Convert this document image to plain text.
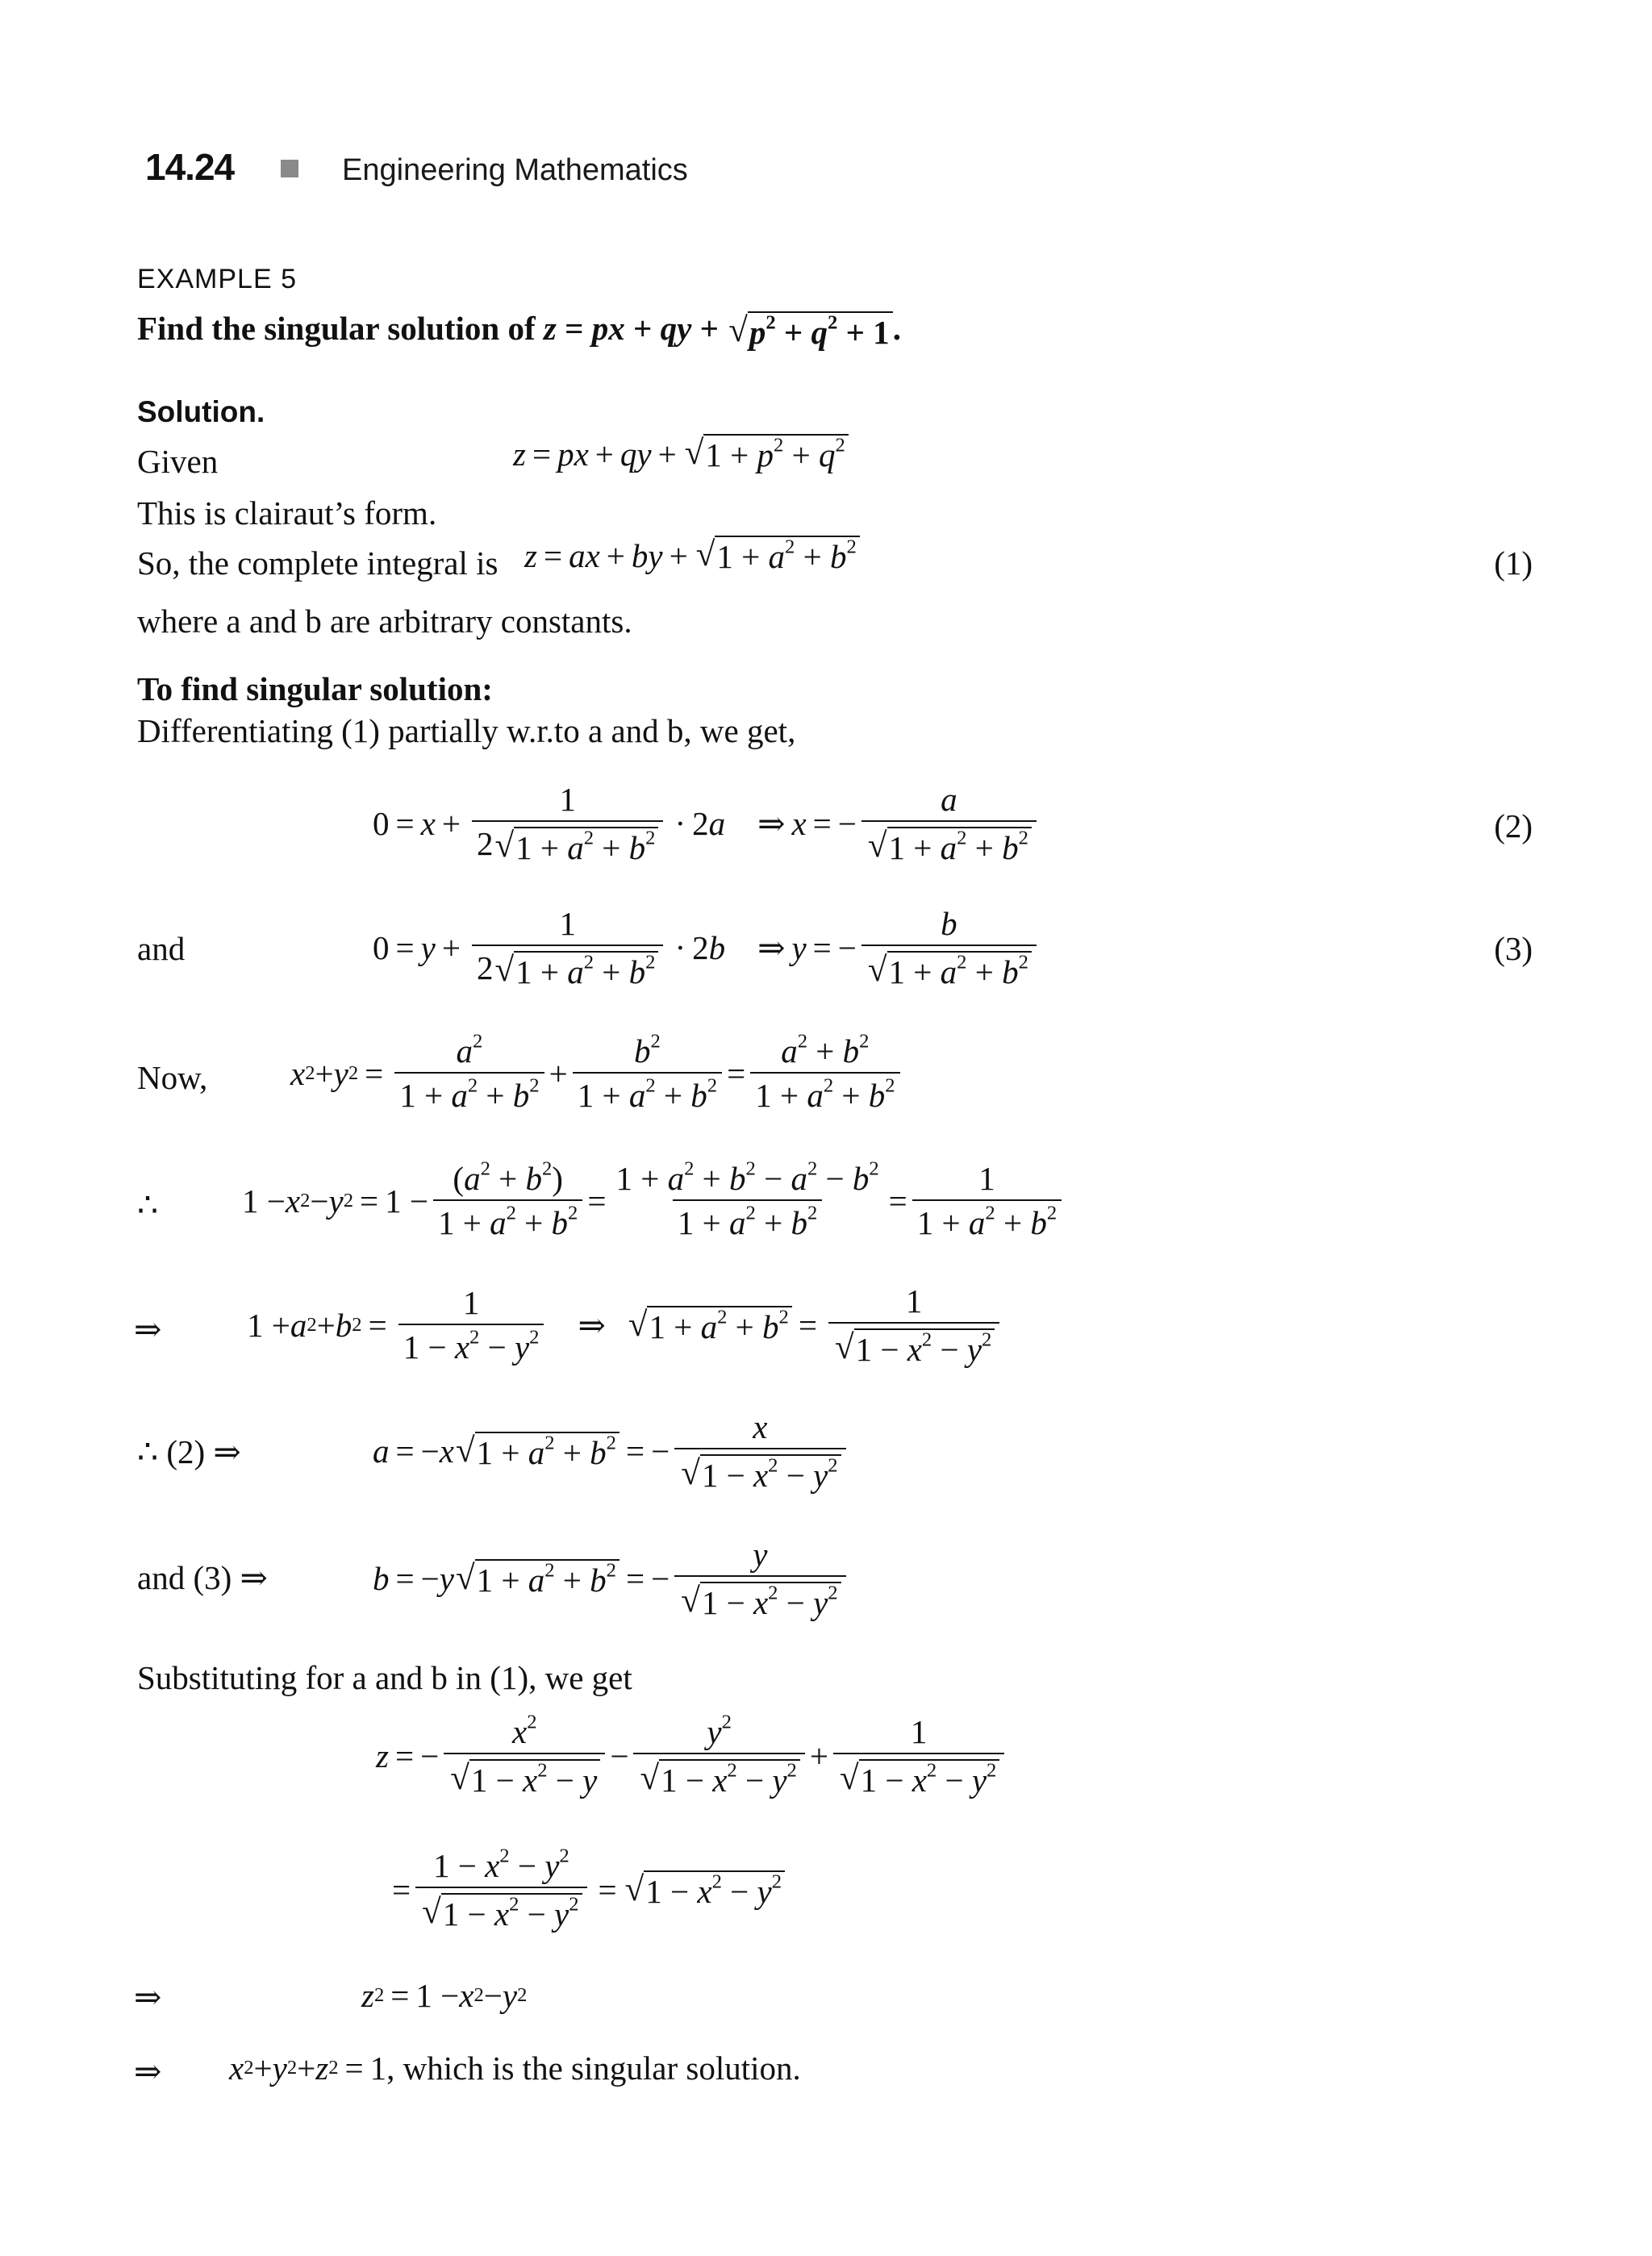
14.24	Engineering Mathematics
EXAMPLE 5
Find the singular solution of z = px + qy + √ $p^2 + q^2 + 1$ .
Solution.
Given	z = px + qy + √ $1 + p^2 + q^2$
This is clairaut’s form.
So, the complete integral is z = ax + by + √ $1 + a^2 + b^2$	(1)
where a and b are arbitrary constants.
To find singular solution:
Differentiating (1) partially w.r.to a and b, we get,
$0 = x + \frac{1}{2 √ 1 + a^2 + b^2} \cdot 2$ a ⇒ x = − $\frac{a}{√ 1 + a^2 + b^2}$	(2)
and	$0 = y + \frac{1}{2 √ 1 + a^2 + b^2} \cdot 2$ b ⇒ y = − $\frac{b}{√ 1 + a^2 + b^2}$	(3)
Now,	x 2 + y $2 = \frac{a^2}{1 + a^2 + b^2} + \frac{b^2}{1 + a^2 + b^2} = \frac{a^2 + b^2}{1 + a^2 + b^2}$
∴	1 − x 2 − y $2 = 1 - \frac{(a^2 + b^2)}{1 + a^2 + b^2} = \frac{1 + a^2 + b^2 - a^2 - b^2}{1 + a^2 + b^2} = \frac{1}{1 + a^2 + b^2}$
⇒	1 + a 2 + b $2 = \frac{1}{1 - x^2 - y^2}$ ⇒ √ $1 + a^2 + b^2 = \frac{1}{√ 1 - x^2 - y^2}$
∴ (2) ⇒	a = − x √ $1 + a^2 + b^2$ = − $\frac{x}{√ 1 - x^2 - y^2}$
and (3) ⇒	b = − y √ $1 + a^2 + b^2$ = − $\frac{y}{√ 1 - x^2 - y^2}$
Substituting for a and b in (1), we get
z = − $\frac{x^2}{√ 1 - x^2 - y} - \frac{y^2}{√ 1 - x^2 - y^2} + \frac{1}{√ 1 - x^2 - y^2}$
= $\frac{1 - x^2 - y^2}{√ 1 - x^2 - y^2}$ = √ $1 - x^2 - y^2$
⇒	z 2 = 1 − x 2 − y 2
⇒ x 2 + y 2 + z 2 = 1, which is the singular solution.
